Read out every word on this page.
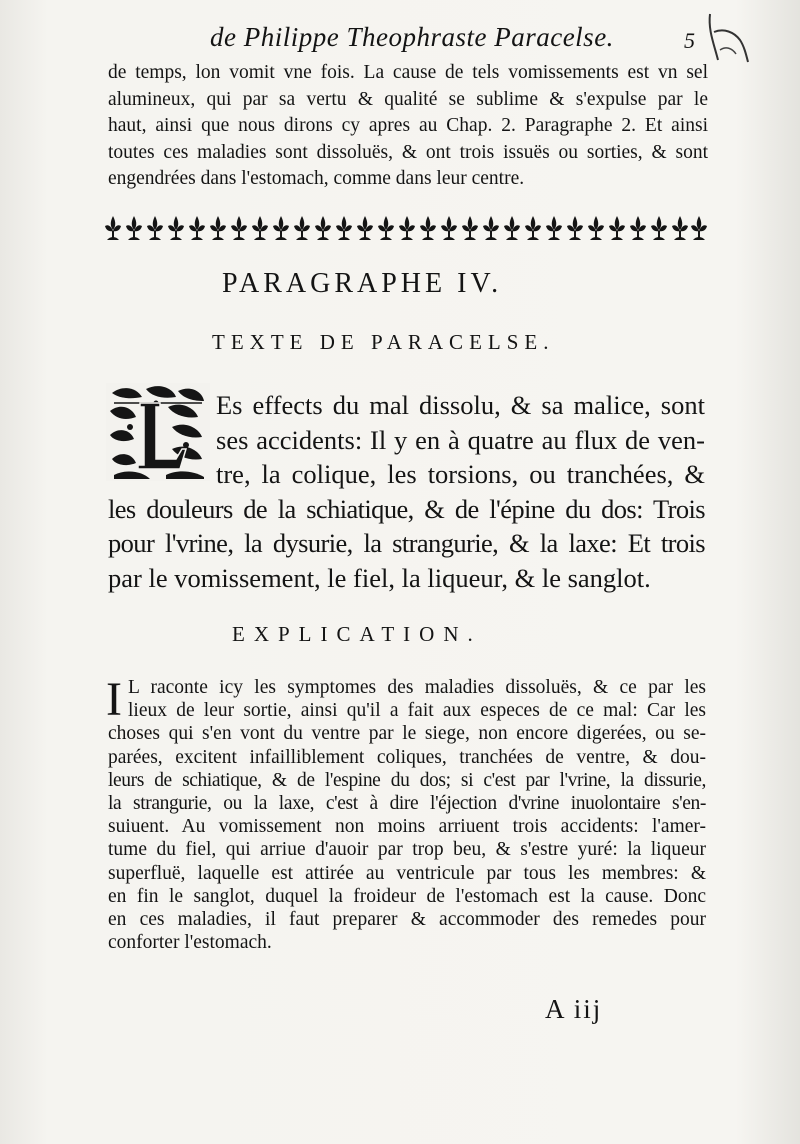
de Philippe Theophraste Paracelse.	5
de temps, lon vomit vne fois. La cause de tels vomissements est vn sel
alumineux, qui par sa vertu & qualité se sublime & s'expulse par le
haut, ainsi que nous dirons cy apres au Chap. 2. Paragraphe 2. Et ainsi
toutes ces maladies sont dissoluës, & ont trois issuës ou sorties, & sont
engendrées dans l'estomach, comme dans leur centre.
PARAGRAPHE IV.
TEXTE DE PARACELSE.
Es effects du mal dissolu, & sa malice, sont
ses accidents: Il y en à quatre au flux de ven-
tre, la colique, les torsions, ou tranchées, &
les douleurs de la schiatique, & de l'épine du dos: Trois
pour l'vrine, la dysurie, la strangurie, & la laxe: Et trois
par le vomissement, le fiel, la liqueur, & le sanglot.
EXPLICATION.
I L raconte icy les symptomes des maladies dissoluës, & ce par les
lieux de leur sortie, ainsi qu'il a fait aux especes de ce mal: Car les
choses qui s'en vont du ventre par le siege, non encore digerées, ou se-
parées, excitent infailliblement coliques, tranchées de ventre, & dou-
leurs de schiatique, & de l'espine du dos; si c'est par l'vrine, la dissurie,
la strangurie, ou la laxe, c'est à dire l'éjection d'vrine inuolontaire s'en-
suiuent. Au vomissement non moins arriuent trois accidents: l'amer-
tume du fiel, qui arriue d'auoir par trop beu, & s'estre yuré: la liqueur
superfluë, laquelle est attirée au ventricule par tous les membres: &
en fin le sanglot, duquel la froideur de l'estomach est la cause. Donc
en ces maladies, il faut preparer & accommoder des remedes pour
conforter l'estomach.
A iij
